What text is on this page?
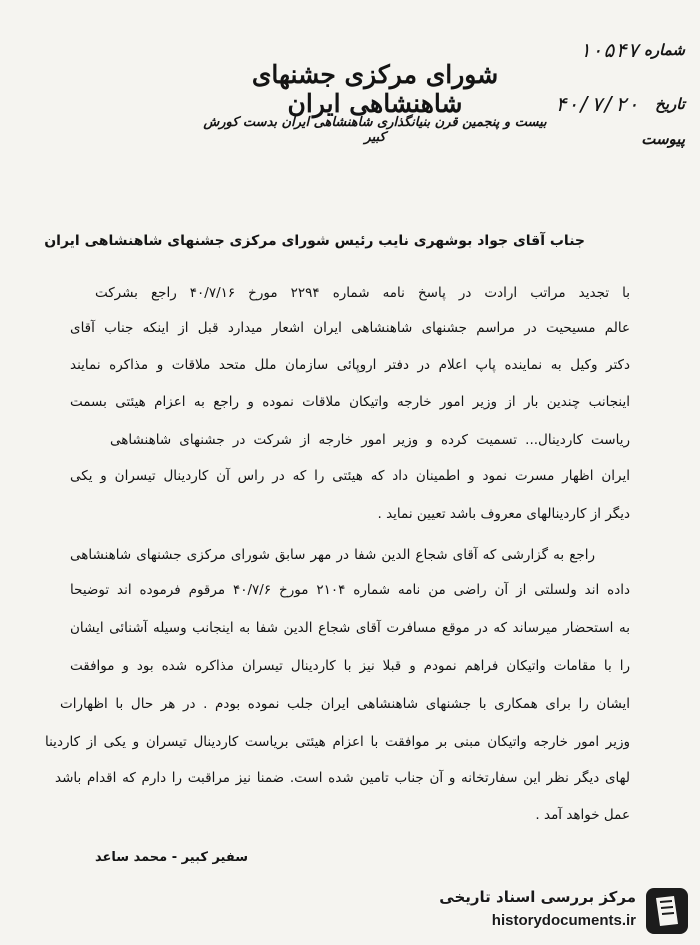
شورای مرکزی جشنهای شاهنشاهی ایران
بیست و پنجمین قرن بنیانگذاری شاهنشاهی ایران بدست کورش کبیر
شماره
۱۰۵۴۷
تاریخ
۴۰/۷/۲۰
پیوست
جناب آقای جواد بوشهری نایب رئیس شورای مرکزی جشنهای شاهنشاهی ایران
با تجدید مراتب ارادت در پاسخ نامه شماره ۲۲۹۴ مورخ ۴۰/۷/۱۶ راجع بشرکت
عالم مسیحیت در مراسم جشنهای شاهنشاهی ایران اشعار میدارد قبل از اینکه جناب آقای
دکتر وکیل به نماینده پاپ اعلام در دفتر اروپائی سازمان ملل متحد ملاقات و مذاکره نمایند
اینجانب چندین بار از وزیر امور خارجه واتیکان ملاقات نموده و راجع به اعزام هیئتی بسمت
ریاست کاردینال... تسمیت کرده و وزیر امور خارجه از شرکت در جشنهای شاهنشاهی
ایران اظهار مسرت نمود و اطمینان داد که هیئتی را که در راس آن کاردینال تیسران و یکی
دیگر از کاردینالهای معروف باشد تعیین نماید .
راجع به گزارشی که آقای شجاع الدین شفا در مهر سابق شورای مرکزی جشنهای شاهنشاهی
داده اند ولسلتی از آن راضی من نامه شماره ۲۱۰۴ مورخ ۴۰/۷/۶ مرقوم فرموده اند توضیحا
به استحضار میرساند که در موقع مسافرت آقای شجاع الدین شفا به اینجانب وسیله آشنائی ایشان
را با مقامات واتیکان فراهم نمودم و قبلا نیز با کاردینال تیسران مذاکره شده بود و موافقت
ایشان را برای همکاری با جشنهای شاهنشاهی ایران جلب نموده بودم . در هر حال با اظهارات
وزیر امور خارجه واتیکان مبنی بر موافقت با اعزام هیئتی بریاست کاردینال تیسران و یکی از کاردینا
لهای دیگر نظر این سفارتخانه و آن جناب تامین شده است. ضمنا نیز مراقبت را دارم که اقدام باشد
عمل خواهد آمد .
سفیر کبیر - محمد ساعد
مرکز بررسی اسناد تاریخی
historydocuments.ir
